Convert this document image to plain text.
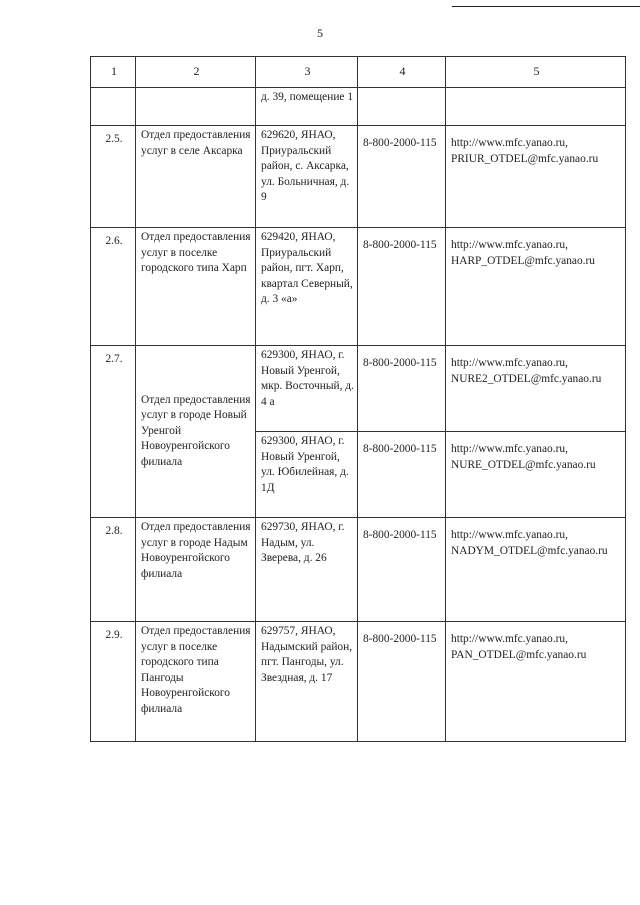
5
1	2	3	4	5
		д. 39, помещение 1		
2.5.	Отдел предоставления услуг в селе Аксарка	629620, ЯНАО, Приуральский район, с. Аксарка, ул. Больничная, д. 9	8-800-2000-115	http://www.mfc.yanao.ru, PRIUR_OTDEL@mfc.yanao.ru
2.6.	Отдел предоставления услуг в поселке городского типа Харп	629420, ЯНАО, Приуральский район, пгт. Харп, квартал Северный, д. 3 «а»	8-800-2000-115	http://www.mfc.yanao.ru, HARP_OTDEL@mfc.yanao.ru
2.7.	Отдел предоставления услуг в городе Новый Уренгой Новоуренгойского филиала	629300, ЯНАО, г. Новый Уренгой, мкр. Восточный, д. 4 а	8-800-2000-115	http://www.mfc.yanao.ru, NURE2_OTDEL@mfc.yanao.ru
		629300, ЯНАО, г. Новый Уренгой, ул. Юбилейная, д. 1Д	8-800-2000-115	http://www.mfc.yanao.ru, NURE_OTDEL@mfc.yanao.ru
2.8.	Отдел предоставления услуг в городе Надым Новоуренгойского филиала	629730, ЯНАО, г. Надым, ул. Зверева, д. 26	8-800-2000-115	http://www.mfc.yanao.ru, NADYM_OTDEL@mfc.yanao.ru
2.9.	Отдел предоставления услуг в поселке городского типа Пангоды Новоуренгойского филиала	629757, ЯНАО, Надымский район, пгт. Пангоды, ул. Звездная, д. 17	8-800-2000-115	http://www.mfc.yanao.ru, PAN_OTDEL@mfc.yanao.ru
